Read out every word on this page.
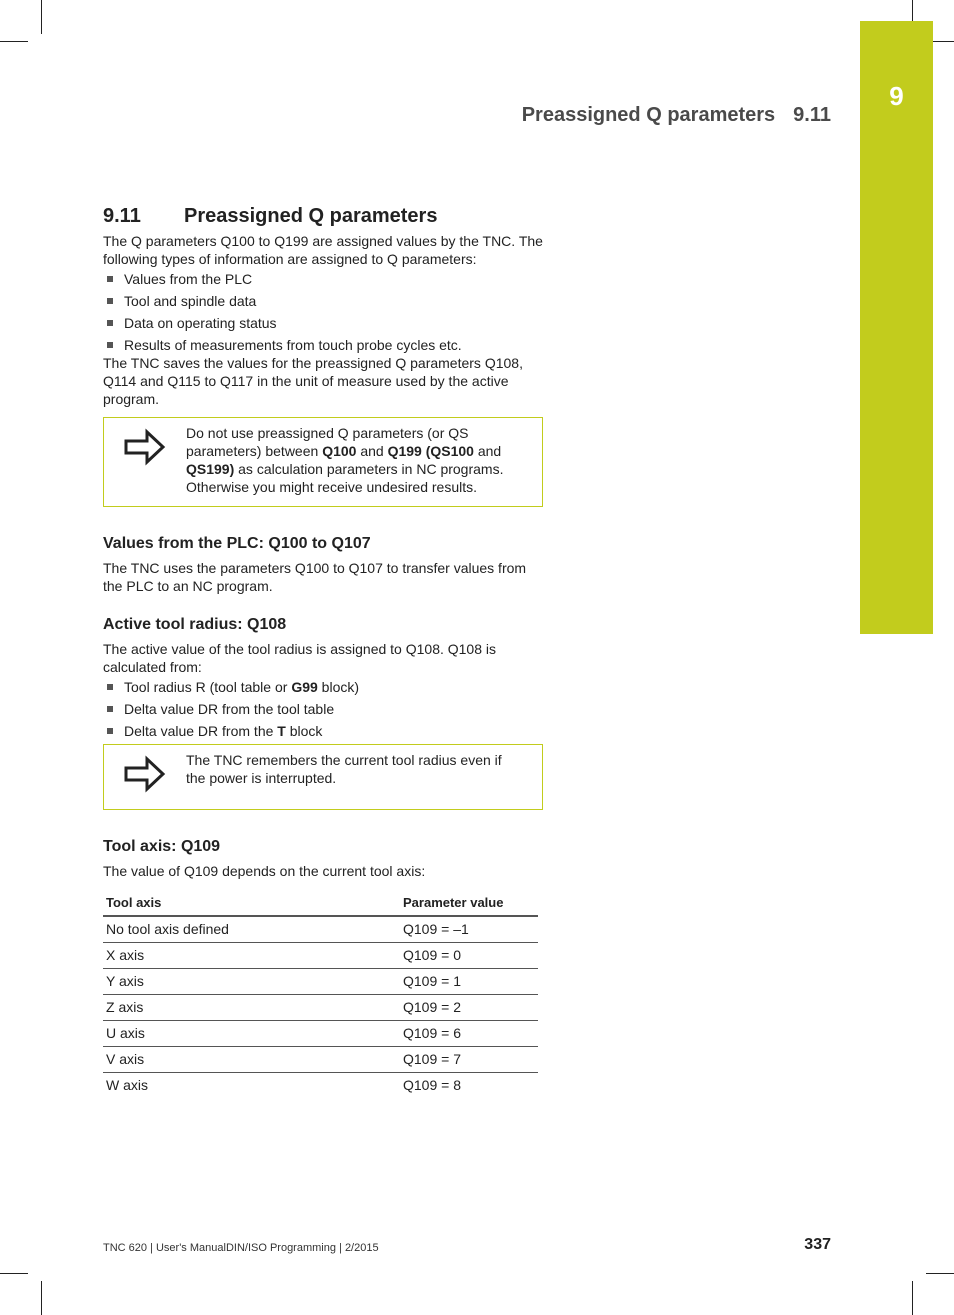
9
Preassigned Q parameters 9.11
9.11	Preassigned Q parameters

The Q parameters Q100 to Q199 are assigned values by the TNC. The following types of information are assigned to Q parameters:

Values from the PLC
Tool and spindle data
Data on operating status
Results of measurements from touch probe cycles etc.

The TNC saves the values for the preassigned Q parameters Q108, Q114 and Q115 to Q117 in the unit of measure used by the active program.

Do not use preassigned Q parameters (or QS parameters) between Q100 and Q199 (QS100 and QS199) as calculation parameters in NC programs. Otherwise you might receive undesired results.
Values from the PLC: Q100 to Q107

The TNC uses the parameters Q100 to Q107 to transfer values from the PLC to an NC program.

Active tool radius: Q108

The active value of the tool radius is assigned to Q108. Q108 is calculated from:

Tool radius R (tool table or G99 block)
Delta value DR from the tool table
Delta value DR from the T block
The TNC remembers the current tool radius even if the power is interrupted.
Tool axis: Q109

The value of Q109 depends on the current tool axis:

Tool axis	Parameter value
No tool axis defined	Q109 = –1
X axis	Q109 = 0
Y axis	Q109 = 1
Z axis	Q109 = 2
U axis	Q109 = 6
V axis	Q109 = 7
W axis	Q109 = 8
TNC 620 | User's ManualDIN/ISO Programming | 2/2015	337
